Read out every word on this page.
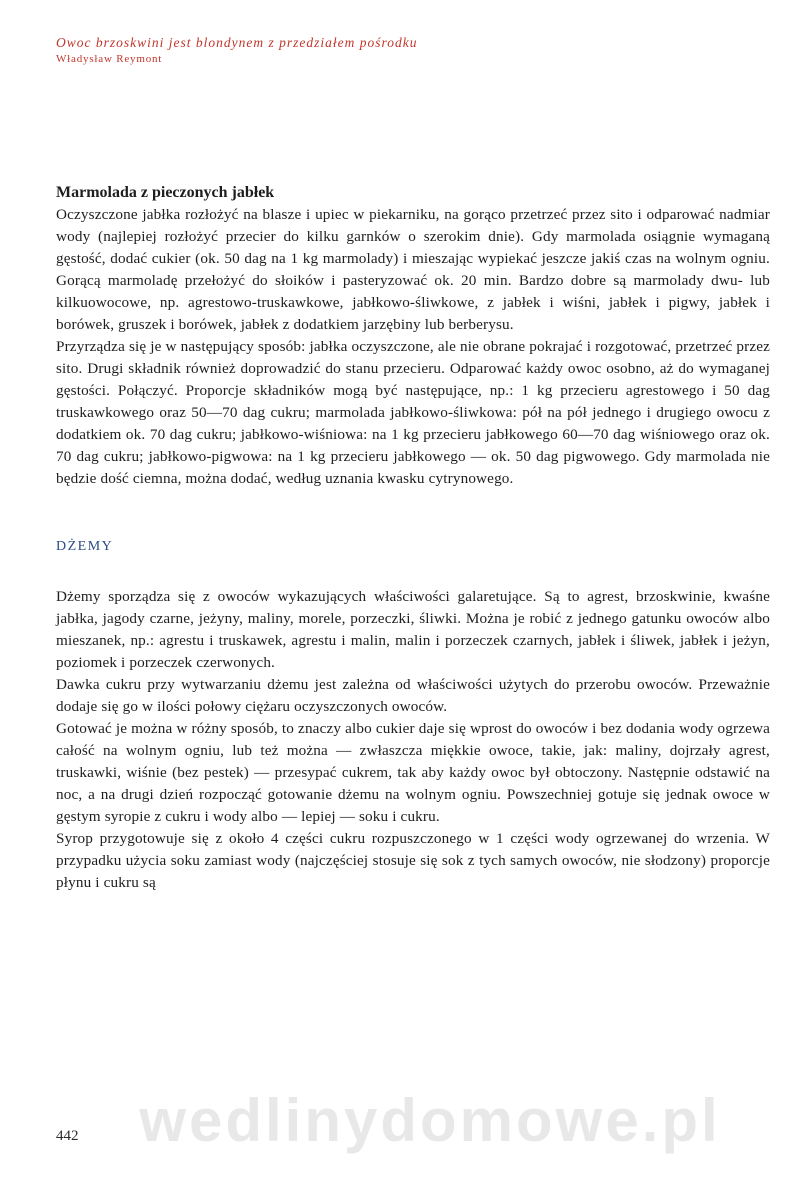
Owoc brzoskwini jest blondynem z przedziałem pośrodku

Władysław Reymont

Marmolada z pieczonych jabłek

Oczyszczone jabłka rozłożyć na blasze i upiec w piekarniku, na gorąco przetrzeć przez sito i odparować nadmiar wody (najlepiej rozłożyć przecier do kilku garnków o szerokim dnie). Gdy marmolada osiągnie wymaganą gęstość, dodać cukier (ok. 50 dag na 1 kg marmolady) i mieszając wypiekać jeszcze jakiś czas na wolnym ogniu. Gorącą marmoladę przełożyć do słoików i pasteryzować ok. 20 min. Bardzo dobre są marmolady dwu- lub kilkuowocowe, np. agrestowo-truskawkowe, jabłkowo-śliwkowe, z jabłek i wiśni, jabłek i pigwy, jabłek i borówek, gruszek i borówek, jabłek z dodatkiem jarzębiny lub berberysu.

Przyrządza się je w następujący sposób: jabłka oczyszczone, ale nie obrane pokrajać i rozgotować, przetrzeć przez sito. Drugi składnik również doprowadzić do stanu przecieru. Odparować każdy owoc osobno, aż do wymaganej gęstości. Połączyć. Proporcje składników mogą być następujące, np.: 1 kg przecieru agrestowego i 50 dag truskawkowego oraz 50—70 dag cukru; marmolada jabłkowo-śliwkowa: pół na pół jednego i drugiego owocu z dodatkiem ok. 70 dag cukru; jabłkowo-wiśniowa: na 1 kg przecieru jabłkowego 60—70 dag wiśniowego oraz ok. 70 dag cukru; jabłkowo-pigwowa: na 1 kg przecieru jabłkowego — ok. 50 dag pigwowego. Gdy marmolada nie będzie dość ciemna, można dodać, według uznania kwasku cytrynowego.

DŻEMY

Dżemy sporządza się z owoców wykazujących właściwości galaretujące. Są to agrest, brzoskwinie, kwaśne jabłka, jagody czarne, jeżyny, maliny, morele, porzeczki, śliwki. Można je robić z jednego gatunku owoców albo mieszanek, np.: agrestu i truskawek, agrestu i malin, malin i porzeczek czarnych, jabłek i śliwek, jabłek i jeżyn, poziomek i porzeczek czerwonych.

Dawka cukru przy wytwarzaniu dżemu jest zależna od właściwości użytych do przerobu owoców. Przeważnie dodaje się go w ilości połowy ciężaru oczyszczonych owoców.

Gotować je można w różny sposób, to znaczy albo cukier daje się wprost do owoców i bez dodania wody ogrzewa całość na wolnym ogniu, lub też można — zwłaszcza miękkie owoce, takie, jak: maliny, dojrzały agrest, truskawki, wiśnie (bez pestek) — przesypać cukrem, tak aby każdy owoc był obtoczony. Następnie odstawić na noc, a na drugi dzień rozpocząć gotowanie dżemu na wolnym ogniu. Powszechniej gotuje się jednak owoce w gęstym syropie z cukru i wody albo — lepiej — soku i cukru.

Syrop przygotowuje się z około 4 części cukru rozpuszczonego w 1 części wody ogrzewanej do wrzenia. W przypadku użycia soku zamiast wody (najczęściej stosuje się sok z tych samych owoców, nie słodzony) proporcje płynu i cukru są

wedlinydomowe.pl
442
